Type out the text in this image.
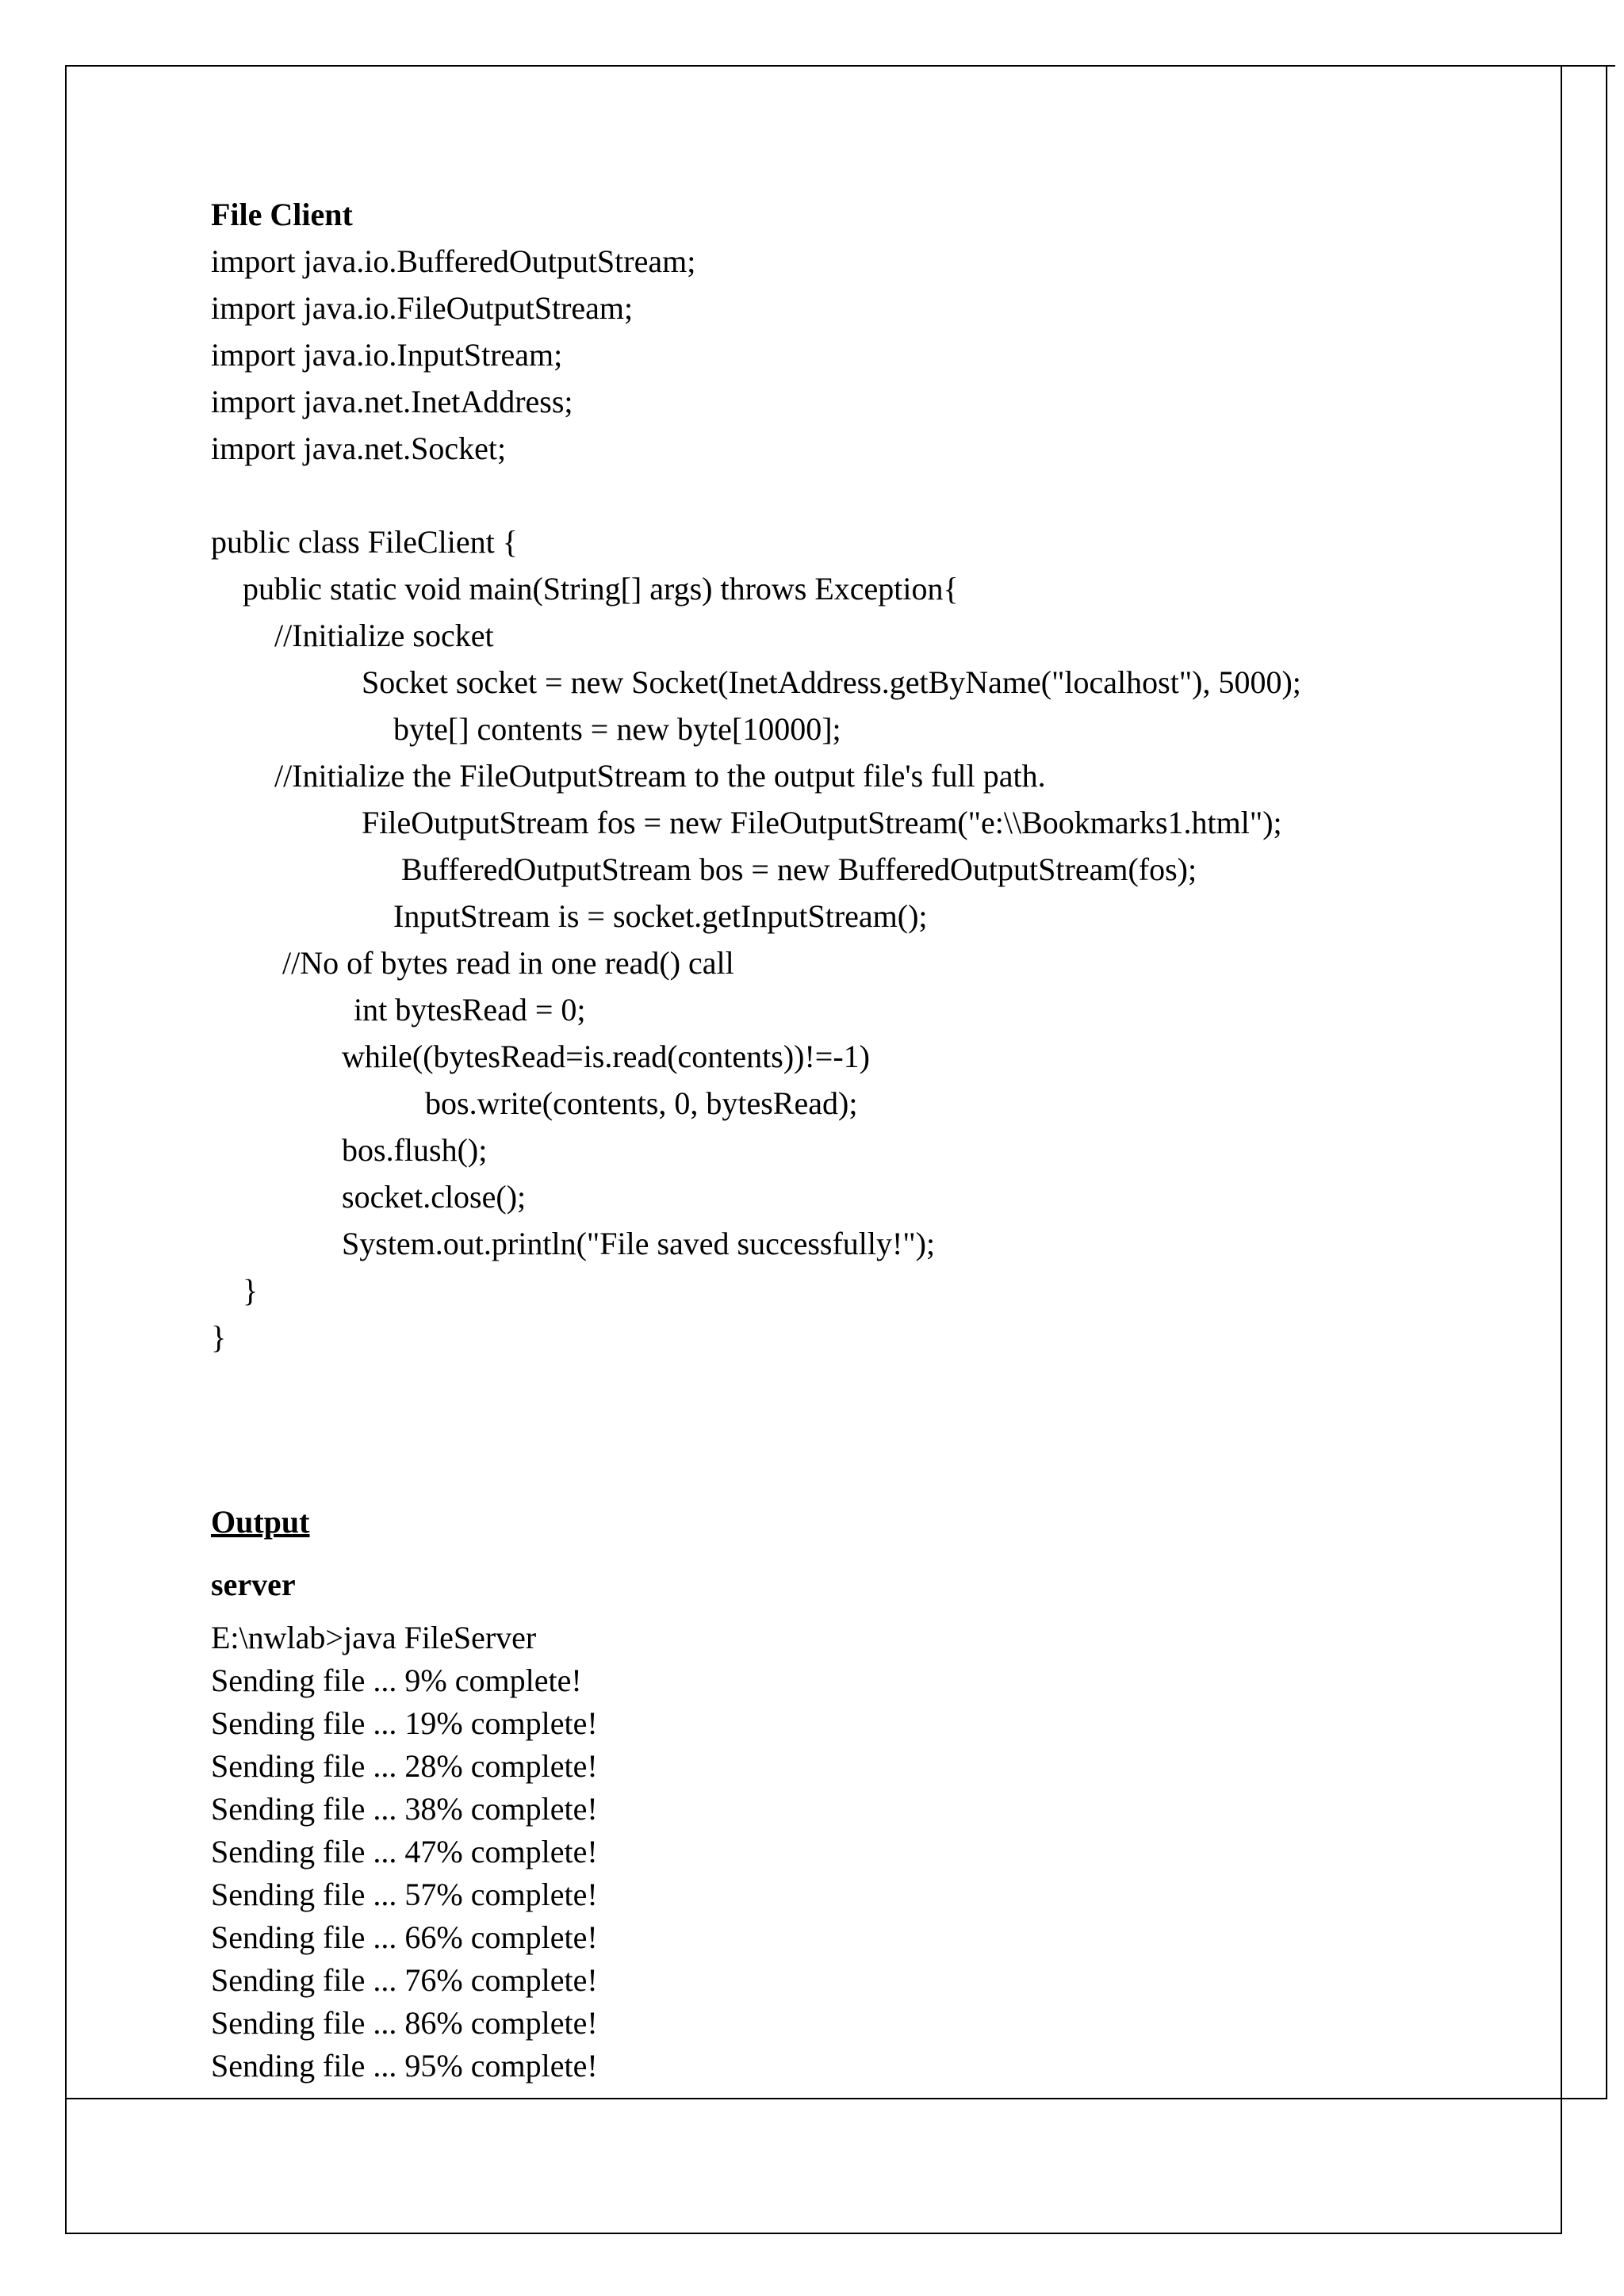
File Client
import java.io.BufferedOutputStream;
import java.io.FileOutputStream;
import java.io.InputStream;
import java.net.InetAddress;
import java.net.Socket;
public class FileClient {
public static void main(String[] args) throws Exception{
//Initialize socket
Socket socket = new Socket(InetAddress.getByName("localhost"), 5000);
byte[] contents = new byte[10000];
//Initialize the FileOutputStream to the output file's full path.
FileOutputStream fos = new FileOutputStream("e:\\Bookmarks1.html");
BufferedOutputStream bos = new BufferedOutputStream(fos);
InputStream is = socket.getInputStream();
//No of bytes read in one read() call
int bytesRead = 0;
while((bytesRead=is.read(contents))!=-1)
bos.write(contents, 0, bytesRead);
bos.flush();
socket.close();
System.out.println("File saved successfully!");
}
}
Output
server
E:\nwlab>java FileServer
Sending file ... 9% complete!
Sending file ... 19% complete!
Sending file ... 28% complete!
Sending file ... 38% complete!
Sending file ... 47% complete!
Sending file ... 57% complete!
Sending file ... 66% complete!
Sending file ... 76% complete!
Sending file ... 86% complete!
Sending file ... 95% complete!
